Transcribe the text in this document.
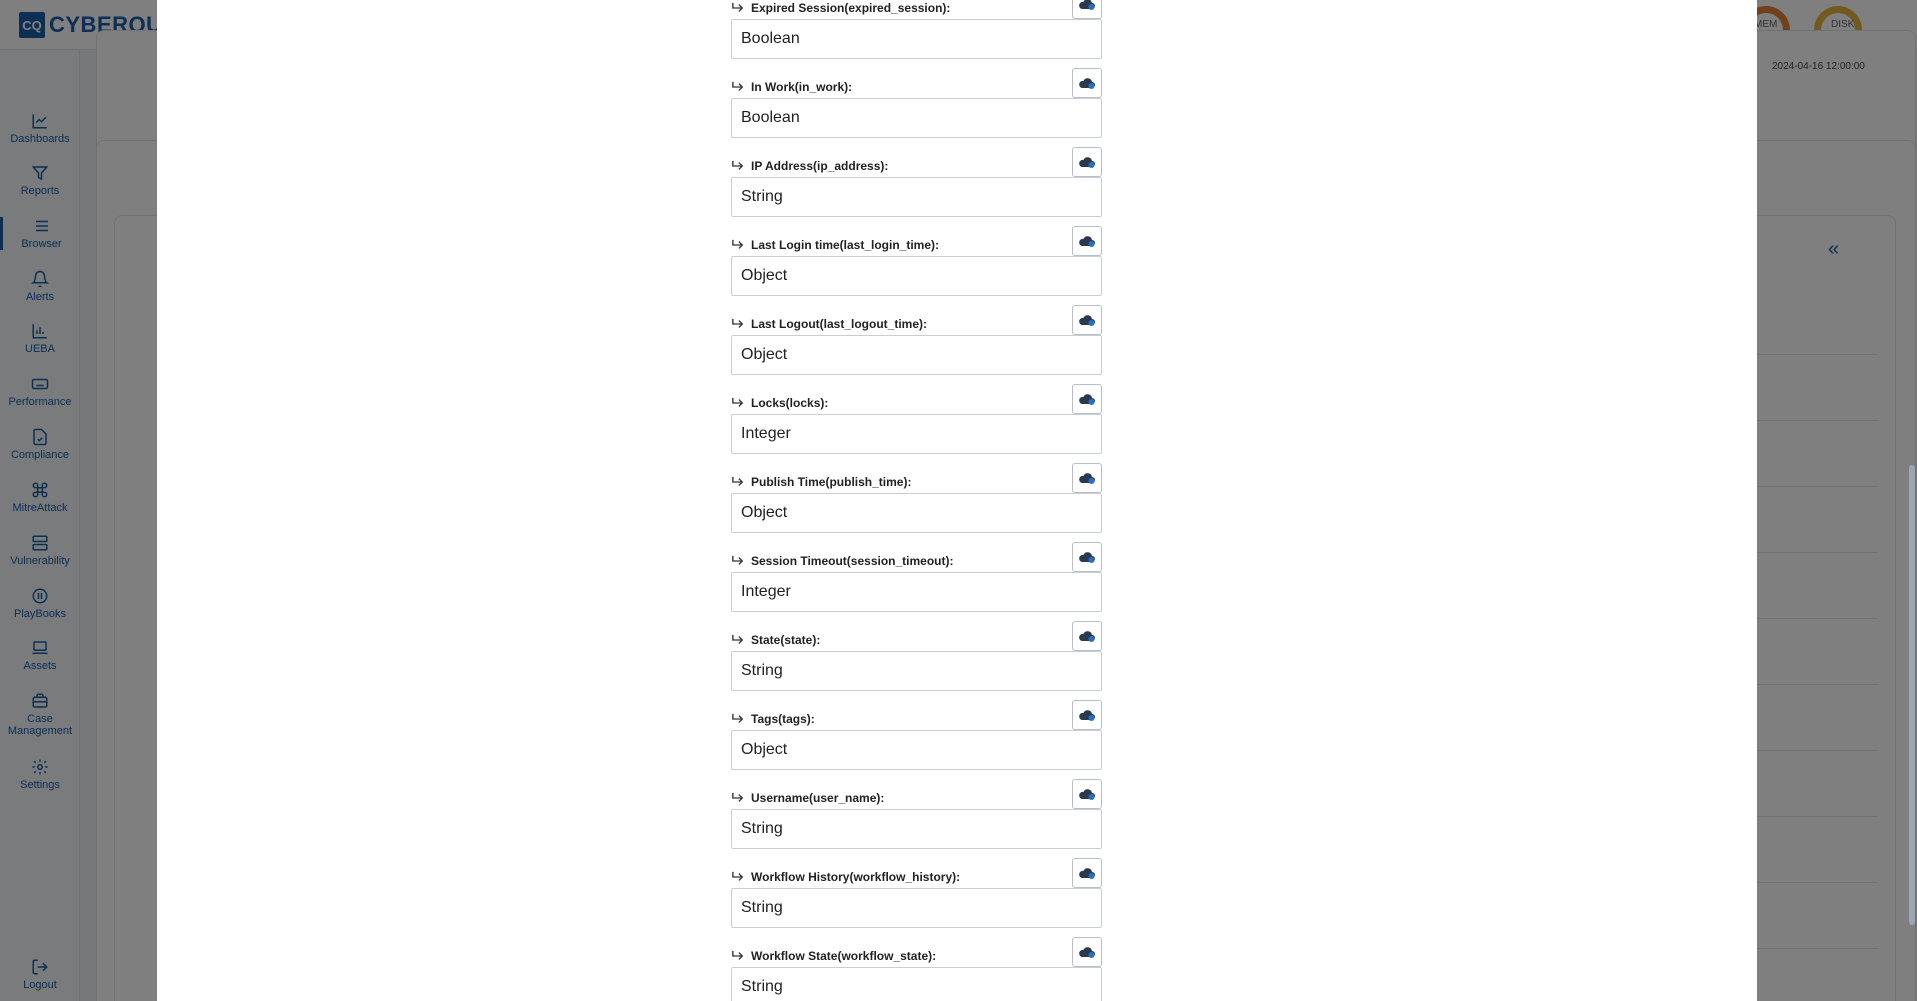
Expired Session(expired_session):
Boolean
In Work(in_work):
Boolean
IP Address(ip_address):
String
Last Login time(last_login_time):
Object
Last Logout(last_logout_time):
Object
Locks(locks):
Integer
Publish Time(publish_time):
Object
Session Timeout(session_timeout):
Integer
State(state):
String
Tags(tags):
Object
Username(user_name):
String
Workflow History(workflow_history):
String
Workflow State(workflow_state):
String
